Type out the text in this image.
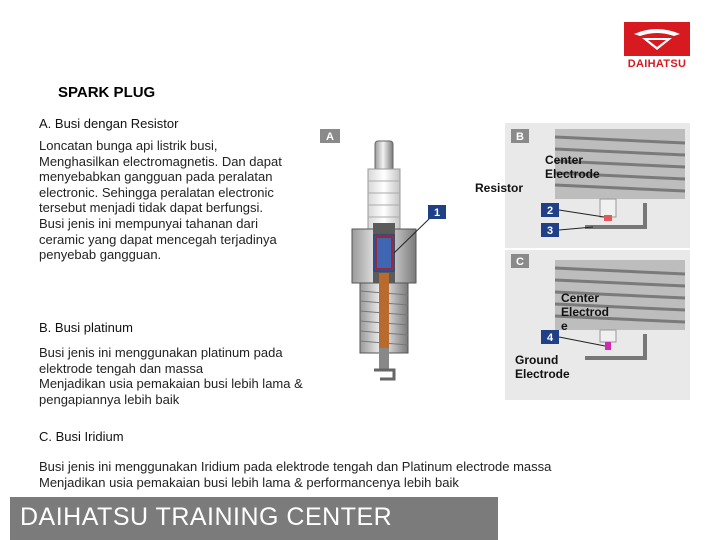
DAIHATSU
SPARK PLUG
A. Busi dengan Resistor
Loncatan bunga api listrik busi,
Menghasilkan electromagnetis. Dan dapat
menyebabkan gangguan pada peralatan
electronic. Sehingga peralatan electronic
tersebut menjadi tidak dapat berfungsi.
Busi jenis ini mempunyai tahanan dari
ceramic yang dapat mencegah terjadinya
penyebab gangguan.
B. Busi platinum
Busi jenis ini menggunakan platinum pada
elektrode tengah dan massa
Menjadikan usia pemakaian busi lebih lama &
pengapiannya lebih baik
C. Busi Iridium
Busi jenis ini menggunakan Iridium pada elektrode tengah dan Platinum electrode massa
Menjadikan usia pemakaian busi lebih lama & performancenya lebih baik
A
1
B
2
3
C
4
Resistor
Center
Electrode
Center
Electrod
e
Ground
Electrode
DAIHATSU TRAINING CENTER
